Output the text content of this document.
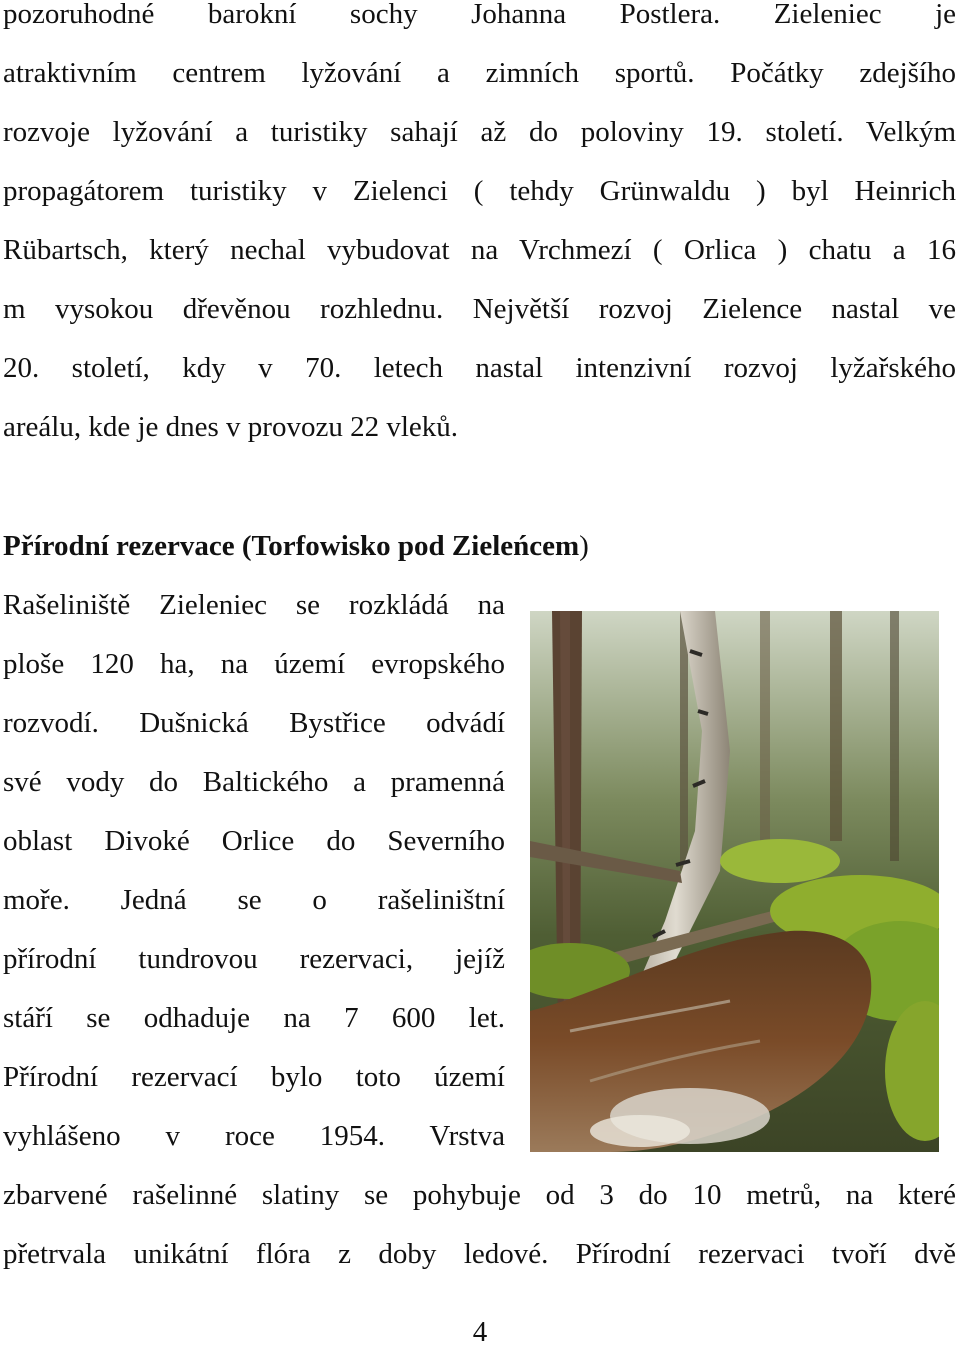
pozoruhodné barokní sochy Johanna Postlera. Zieleniec je
atraktivním centrem lyžování a zimních sportů. Počátky zdejšího
rozvoje lyžování a turistiky sahají až do poloviny 19. století. Velkým
propagátorem turistiky v Zielenci ( tehdy Grünwaldu ) byl Heinrich
Rübartsch, který nechal vybudovat na Vrchmezí ( Orlica ) chatu a 16
m vysokou dřevěnou rozhlednu. Největší rozvoj Zielence nastal ve
20. století, kdy v 70. letech nastal intenzivní rozvoj lyžařského
areálu, kde je dnes v provozu 22 vleků.
Přírodní rezervace (Torfowisko pod Zieleńcem)
Rašeliniště Zieleniec se rozkládá na
ploše 120 ha, na území evropského
rozvodí. Dušnická Bystřice odvádí
své vody do Baltického a pramenná
oblast Divoké Orlice do Severního
moře. Jedná se o rašeliništní
přírodní tundrovou rezervaci, jejíž
stáří se odhaduje na 7 600 let.
Přírodní rezervací bylo toto území
vyhlášeno v roce 1954. Vrstva
zbarvené rašelinné slatiny se pohybuje od 3 do 10 metrů, na které
přetrvala unikátní flóra z doby ledové. Přírodní rezervaci tvoří dvě
4
